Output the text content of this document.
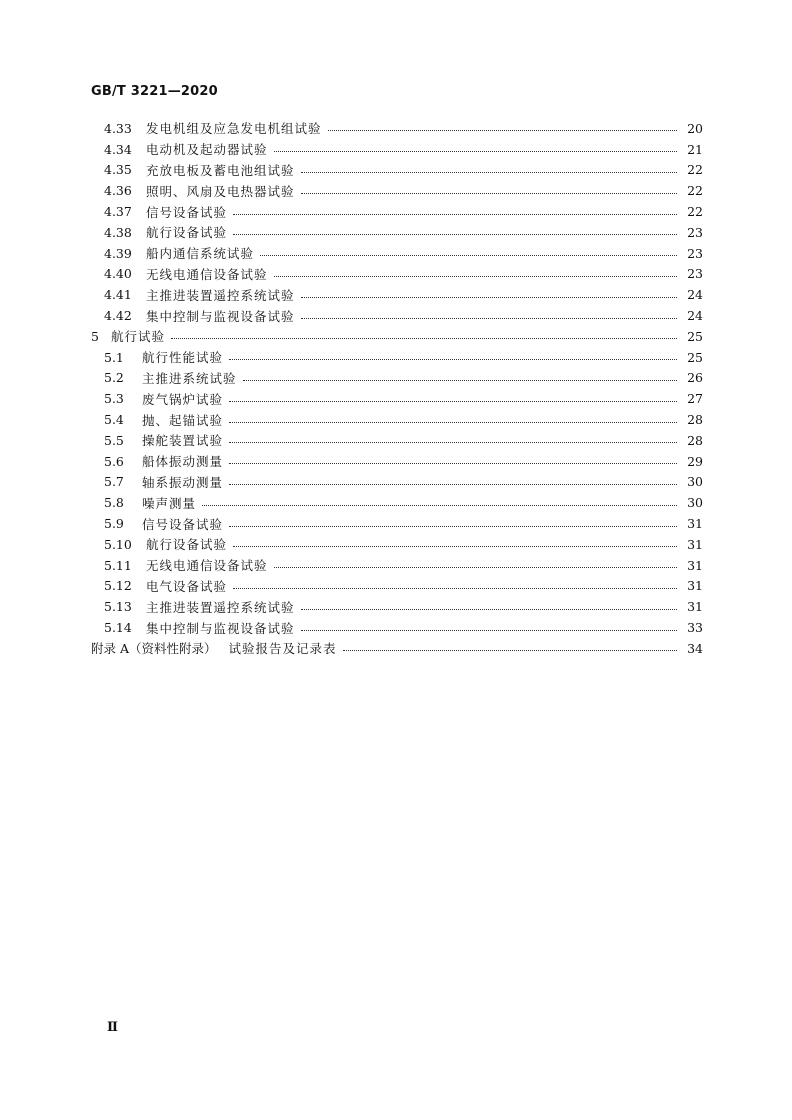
GB/T 3221—2020
4.33	发电机组及应急发电机组试验	20
4.34	电动机及起动器试验	21
4.35	充放电板及蓄电池组试验	22
4.36	照明、风扇及电热器试验	22
4.37	信号设备试验	22
4.38	航行设备试验	23
4.39	船内通信系统试验	23
4.40	无线电通信设备试验	23
4.41	主推进装置遥控系统试验	24
4.42	集中控制与监视设备试验	24
5 航行试验	25
5.1	航行性能试验	25
5.2	主推进系统试验	26
5.3	废气锅炉试验	27
5.4	抛、起锚试验	28
5.5	操舵装置试验	28
5.6	船体振动测量	29
5.7	轴系振动测量	30
5.8	噪声测量	30
5.9	信号设备试验	31
5.10	航行设备试验	31
5.11	无线电通信设备试验	31
5.12	电气设备试验	31
5.13	主推进装置遥控系统试验	31
5.14	集中控制与监视设备试验	33
附录 A（资料性附录） 试验报告及记录表	34
Ⅱ
